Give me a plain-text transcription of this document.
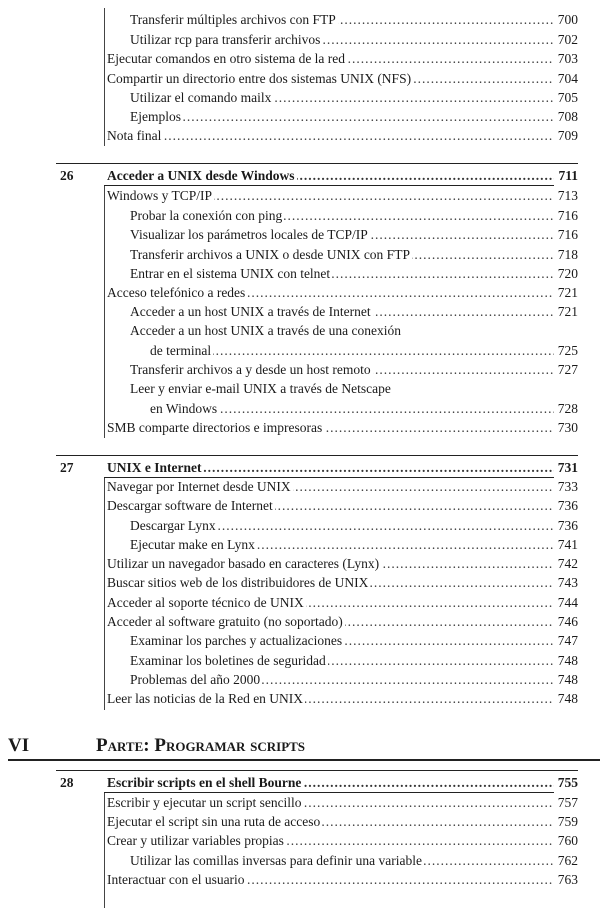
Transferir múltiples archivos con FTP .....	700
Utilizar rcp para transferir archivos .....	702
Ejecutar comandos en otro sistema de la red .....	703
Compartir un directorio entre dos sistemas UNIX (NFS) .....	704
Utilizar el comando mailx .....	705
Ejemplos .....	708
Nota final .....	709
26 Acceder a UNIX desde Windows .....	711
Windows y TCP/IP .....	713
Probar la conexión con ping .....	716
Visualizar los parámetros locales de TCP/IP .....	716
Transferir archivos a UNIX o desde UNIX con FTP .....	718
Entrar en el sistema UNIX con telnet .....	720
Acceso telefónico a redes .....	721
Acceder a un host UNIX a través de Internet .....	721
Acceder a un host UNIX a través de una conexión
de terminal .....	725
Transferir archivos a y desde un host remoto .....	727
Leer y enviar e-mail UNIX a través de Netscape
en Windows .....	728
SMB comparte directorios e impresoras .....	730
27 UNIX e Internet .....	731
Navegar por Internet desde UNIX .....	733
Descargar software de Internet .....	736
Descargar Lynx .....	736
Ejecutar make en Lynx .....	741
Utilizar un navegador basado en caracteres (Lynx) .....	742
Buscar sitios web de los distribuidores de UNIX .....	743
Acceder al soporte técnico de UNIX .....	744
Acceder al software gratuito (no soportado) .....	746
Examinar los parches y actualizaciones .....	747
Examinar los boletines de seguridad .....	748
Problemas del año 2000 .....	748
Leer las noticias de la Red en UNIX .....	748
VI	Parte: Programar scripts
28 Escribir scripts en el shell Bourne .....	755
Escribir y ejecutar un script sencillo .....	757
Ejecutar el script sin una ruta de acceso .....	759
Crear y utilizar variables propias .....	760
Utilizar las comillas inversas para definir una variable .....	762
Interactuar con el usuario .....	763
